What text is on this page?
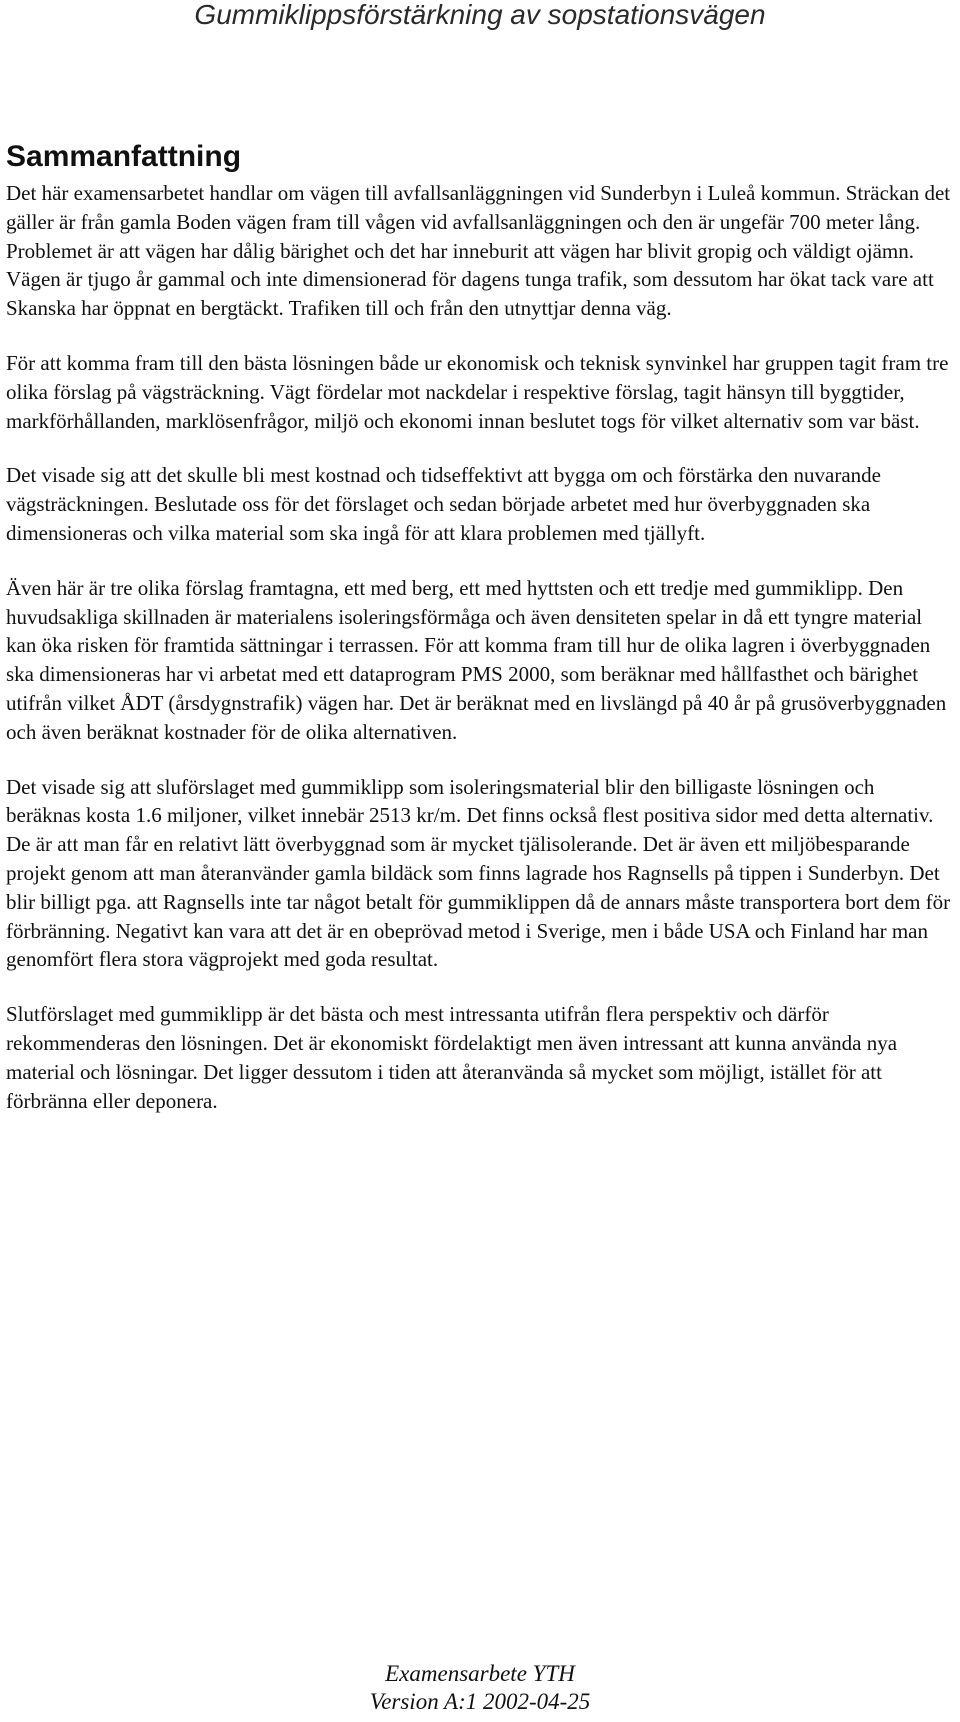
Gummiklippsförstärkning av sopstationsvägen
Sammanfattning

Det här examensarbetet handlar om vägen till avfallsanläggningen vid Sunderbyn i Luleå kommun. Sträckan det gäller är från gamla Boden vägen fram till vågen vid avfallsanläggningen och den är ungefär 700 meter lång. Problemet är att vägen har dålig bärighet och det har inneburit att vägen har blivit gropig och väldigt ojämn. Vägen är tjugo år gammal och inte dimensionerad för dagens tunga trafik, som dessutom har ökat tack vare att Skanska har öppnat en bergtäckt. Trafiken till och från den utnyttjar denna väg.

För att komma fram till den bästa lösningen både ur ekonomisk och teknisk synvinkel har gruppen tagit fram tre olika förslag på vägsträckning. Vägt fördelar mot nackdelar i respektive förslag, tagit hänsyn till byggtider, markförhållanden, marklösenfrågor, miljö och ekonomi innan beslutet togs för vilket alternativ som var bäst.

Det visade sig att det skulle bli mest kostnad och tidseffektivt att bygga om och förstärka den nuvarande vägsträckningen. Beslutade oss för det förslaget och sedan började arbetet med hur överbyggnaden ska dimensioneras och vilka material som ska ingå för att klara problemen med tjällyft.

Även här är tre olika förslag framtagna, ett med berg, ett med hyttsten och ett tredje med gummiklipp. Den huvudsakliga skillnaden är materialens isoleringsförmåga och även densiteten spelar in då ett tyngre material kan öka risken för framtida sättningar i terrassen. För att komma fram till hur de olika lagren i överbyggnaden ska dimensioneras har vi arbetat med ett dataprogram PMS 2000, som beräknar med hållfasthet och bärighet utifrån vilket ÅDT (årsdygnstrafik) vägen har. Det är beräknat med en livslängd på 40 år på grusöverbyggnaden och även beräknat kostnader för de olika alternativen.

Det visade sig att sluförslaget med gummiklipp som isoleringsmaterial blir den billigaste lösningen och beräknas kosta 1.6 miljoner, vilket innebär 2513 kr/m. Det finns också flest positiva sidor med detta alternativ. De är att man får en relativt lätt överbyggnad som är mycket tjälisolerande. Det är även ett miljöbesparande projekt genom att man återanvänder gamla bildäck som finns lagrade hos Ragnsells på tippen i Sunderbyn. Det blir billigt pga. att Ragnsells inte tar något betalt för gummiklippen då de annars måste transportera bort dem för förbränning. Negativt kan vara att det är en obeprövad metod i Sverige, men i både USA och Finland har man genomfört flera stora vägprojekt med goda resultat.

Slutförslaget med gummiklipp är det bästa och mest intressanta utifrån flera perspektiv och därför rekommenderas den lösningen. Det är ekonomiskt fördelaktigt men även intressant att kunna använda nya material och lösningar. Det ligger dessutom i tiden att återanvända så mycket som möjligt, istället för att förbränna eller deponera.

Examensarbete YTH
Version A:1 2002-04-25
